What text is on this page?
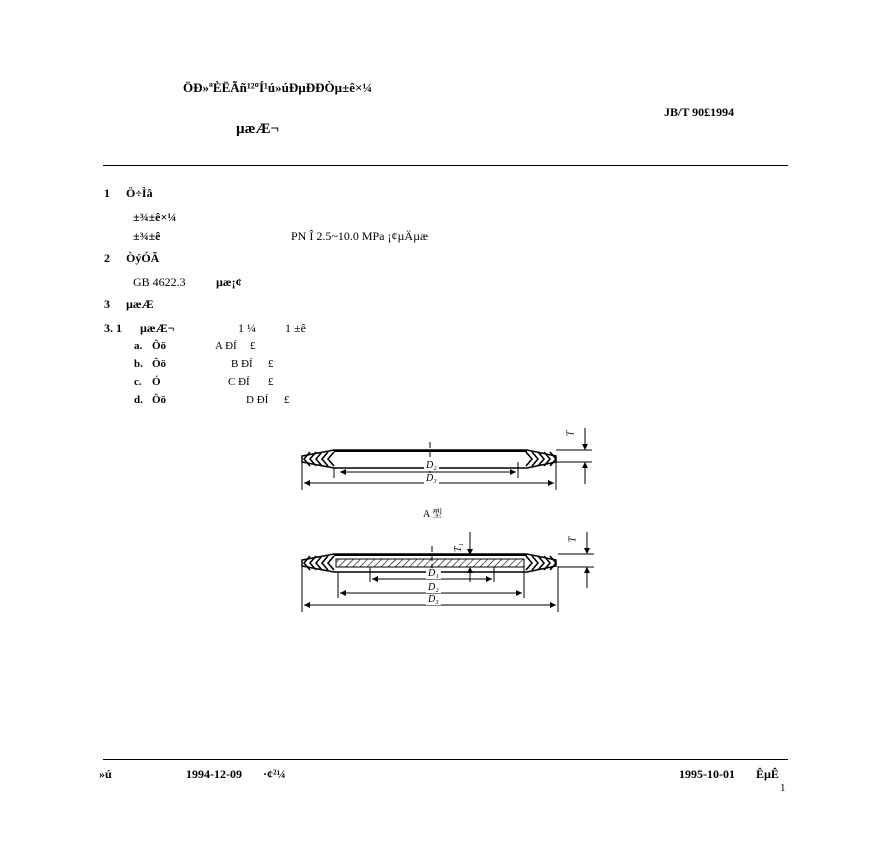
ÖÐ»ªÈËÃñ¹²ºÍ¹ú»úÐµÐÐÒµ±ê×¼
JB/T 90£1994
µæÆ¬
1 Ö÷Ìâ
±¾±ê×¼
±¾±ê	PN Î 2.5~10.0 MPa ¡¢µÄµæ
2 ÒýÓÃ
GB 4622.3	µæ¡¢
3 µæÆ
3. 1 µæÆ¬	1 ¼ 1 ±ê
a. Ôö	A ÐÍ £
b. Ôö	B ÐÍ £
c. Ó	C ÐÍ £
d. Ôö	D ÐÍ £
D₂
D₃
T
A 型
T₁
T
D₁
D₂
D₃
»ú	1994-12-09 ·¢²¼	1995-10-01 ÊµÊ
1
